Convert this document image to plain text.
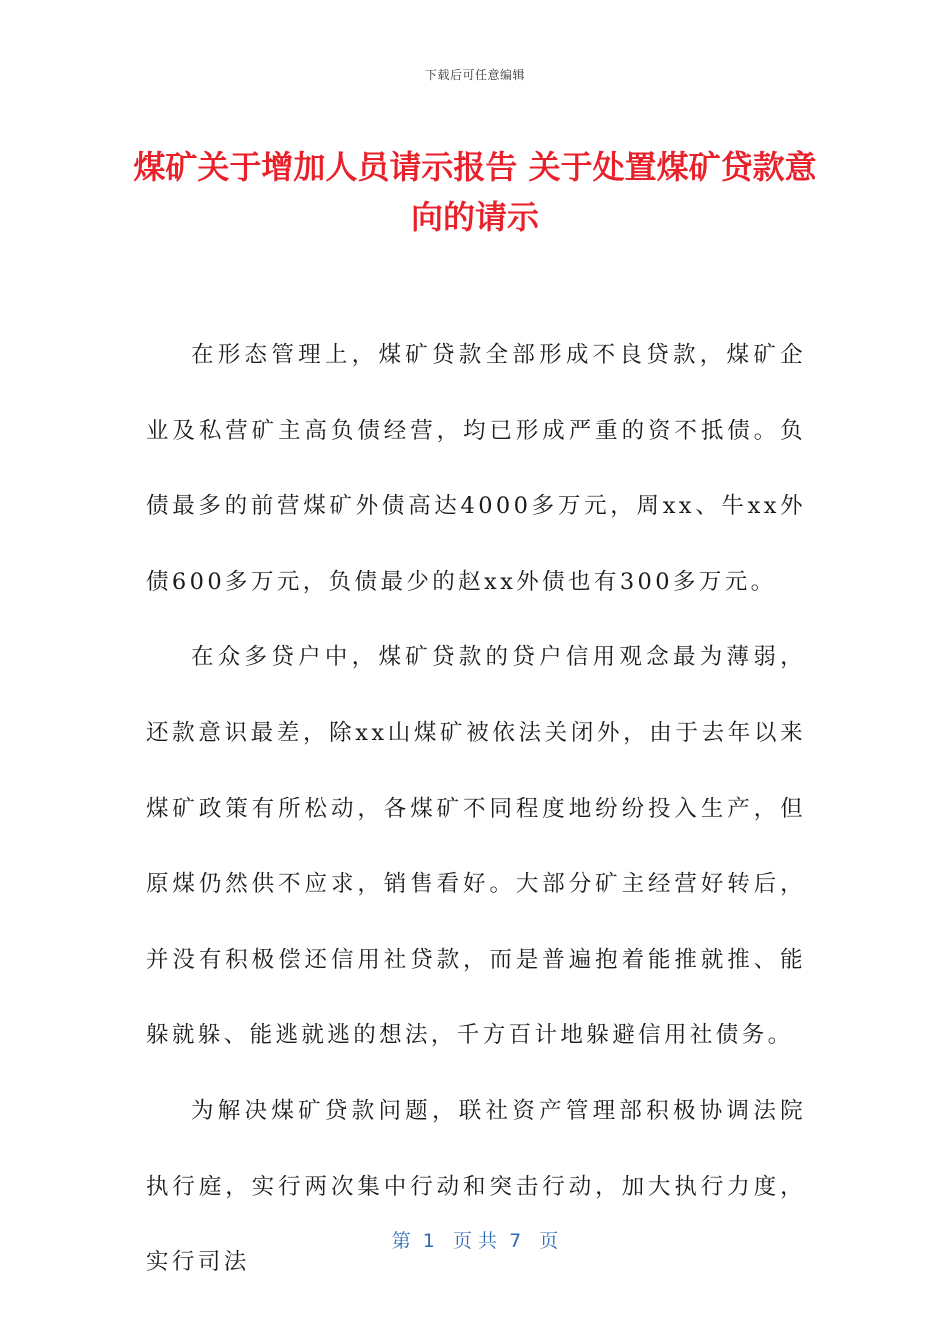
下载后可任意编辑
煤矿关于增加人员请示报告 关于处置煤矿贷款意向的请示

在形态管理上，煤矿贷款全部形成不良贷款，煤矿企业及私营矿主高负债经营，均已形成严重的资不抵债。负债最多的前营煤矿外债高达4000多万元，周xx、牛xx外债600多万元，负债最少的赵xx外债也有300多万元。

在众多贷户中，煤矿贷款的贷户信用观念最为薄弱，还款意识最差，除xx山煤矿被依法关闭外，由于去年以来煤矿政策有所松动，各煤矿不同程度地纷纷投入生产，但原煤仍然供不应求，销售看好。大部分矿主经营好转后，并没有积极偿还信用社贷款，而是普遍抱着能推就推、能躲就躲、能逃就逃的想法，千方百计地躲避信用社债务。

为解决煤矿贷款问题，联社资产管理部积极协调法院执行庭，实行两次集中行动和突击行动，加大执行力度，实行司法

第  1   页 共  7   页
